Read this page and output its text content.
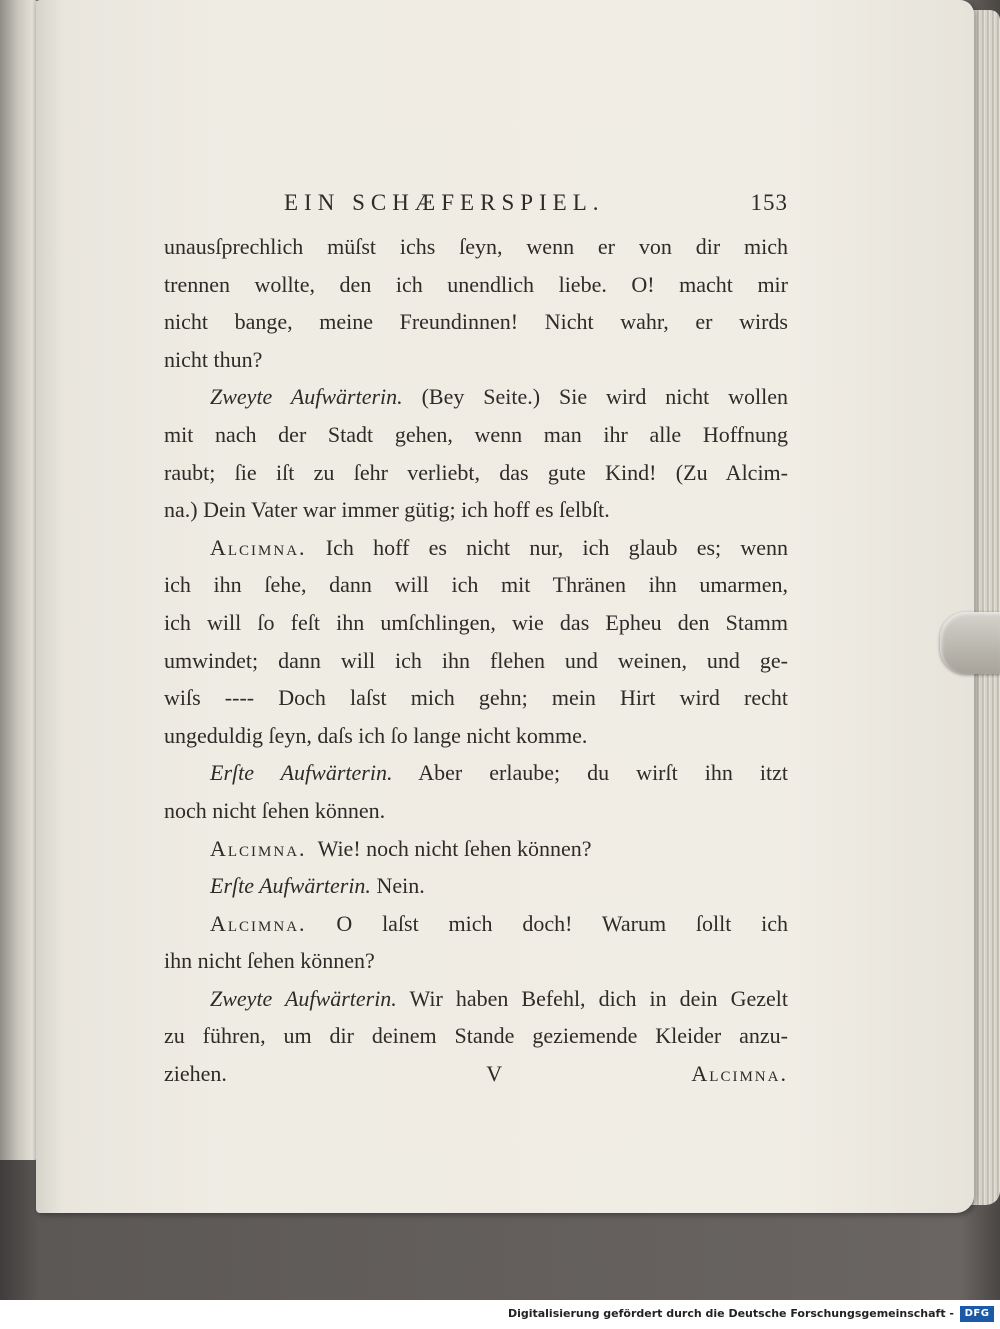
EIN SCHÆFERSPIEL.	153
unausſprechlich müſst ichs ſeyn, wenn er von dir mich
trennen wollte, den ich unendlich liebe. O! macht mir
nicht bange, meine Freundinnen! Nicht wahr, er wirds
nicht thun?
Zweyte Aufwärterin. (Bey Seite.) Sie wird nicht wollen
mit nach der Stadt gehen, wenn man ihr alle Hoffnung
raubt; ſie iſt zu ſehr verliebt, das gute Kind! (Zu Alcim-
na.) Dein Vater war immer gütig; ich hoff es ſelbſt.
Alcimna. Ich hoff es nicht nur, ich glaub es; wenn
ich ihn ſehe, dann will ich mit Thränen ihn umarmen,
ich will ſo feſt ihn umſchlingen, wie das Epheu den Stamm
umwindet; dann will ich ihn flehen und weinen, und ge-
wiſs ---- Doch laſst mich gehn; mein Hirt wird recht
ungeduldig ſeyn, daſs ich ſo lange nicht komme.
Erſte Aufwärterin. Aber erlaube; du wirſt ihn itzt
noch nicht ſehen können.
Alcimna. Wie! noch nicht ſehen können?
Erſte Aufwärterin. Nein.
Alcimna. O laſst mich doch! Warum ſollt ich
ihn nicht ſehen können?
Zweyte Aufwärterin. Wir haben Befehl, dich in dein Gezelt
zu führen, um dir deinem Stande geziemende Kleider anzu-
ziehen.	V	Alcimna.
Digitalisierung gefördert durch die Deutsche Forschungsgemeinschaft -	DFG
